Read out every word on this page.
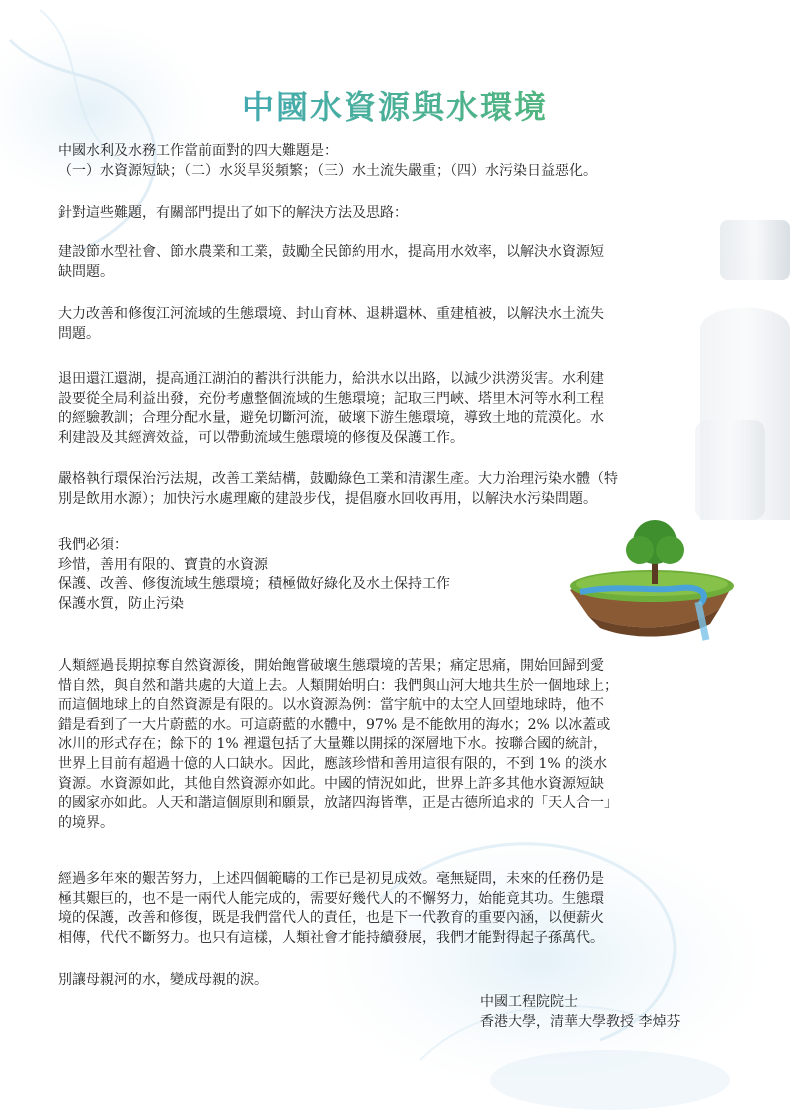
中國水資源與水環境

中國水利及水務工作當前面對的四大難題是：
（一）水資源短缺；（二）水災旱災頻繁；（三）水土流失嚴重；（四）水污染日益惡化。

針對這些難題，有關部門提出了如下的解決方法及思路：

建設節水型社會、節水農業和工業，鼓勵全民節約用水，提高用水效率，以解決水資源短
缺問題。

大力改善和修復江河流域的生態環境、封山育林、退耕還林、重建植被，以解決水土流失
問題。

退田還江還湖，提高通江湖泊的蓄洪行洪能力，給洪水以出路，以減少洪澇災害。水利建
設要從全局利益出發，充份考慮整個流域的生態環境；記取三門峽、塔里木河等水利工程
的經驗教訓；合理分配水量，避免切斷河流，破壞下游生態環境，導致土地的荒漠化。水
利建設及其經濟效益，可以帶動流域生態環境的修復及保護工作。

嚴格執行環保治污法規，改善工業結構，鼓勵綠色工業和清潔生產。大力治理污染水體（特
別是飲用水源）；加快污水處理廠的建設步伐，提倡廢水回收再用，以解決水污染問題。

我們必須：
珍惜，善用有限的、寶貴的水資源
保護、改善、修復流域生態環境；積極做好綠化及水土保持工作
保護水質，防止污染

人類經過長期掠奪自然資源後，開始飽嘗破壞生態環境的苦果；痛定思痛，開始回歸到愛
惜自然，與自然和諧共處的大道上去。人類開始明白：我們與山河大地共生於一個地球上；
而這個地球上的自然資源是有限的。以水資源為例：當宇航中的太空人回望地球時，他不
錯是看到了一大片蔚藍的水。可這蔚藍的水體中，97% 是不能飲用的海水；2% 以冰蓋或
冰川的形式存在；餘下的 1% 裡還包括了大量難以開採的深層地下水。按聯合國的統計，
世界上目前有超過十億的人口缺水。因此，應該珍惜和善用這很有限的，不到 1% 的淡水
資源。水資源如此，其他自然資源亦如此。中國的情況如此，世界上許多其他水資源短缺
的國家亦如此。人天和諧這個原則和願景，放諸四海皆準，正是古德所追求的「天人合一」
的境界。

經過多年來的艱苦努力，上述四個範疇的工作已是初見成效。毫無疑問，未來的任務仍是
極其艱巨的，也不是一兩代人能完成的，需要好幾代人的不懈努力，始能竟其功。生態環
境的保護，改善和修復，既是我們當代人的責任，也是下一代教育的重要內涵，以便薪火
相傳，代代不斷努力。也只有這樣，人類社會才能持續發展，我們才能對得起子孫萬代。

別讓母親河的水，變成母親的淚。

中國工程院院士
香港大學，清華大學教授 李焯芬
